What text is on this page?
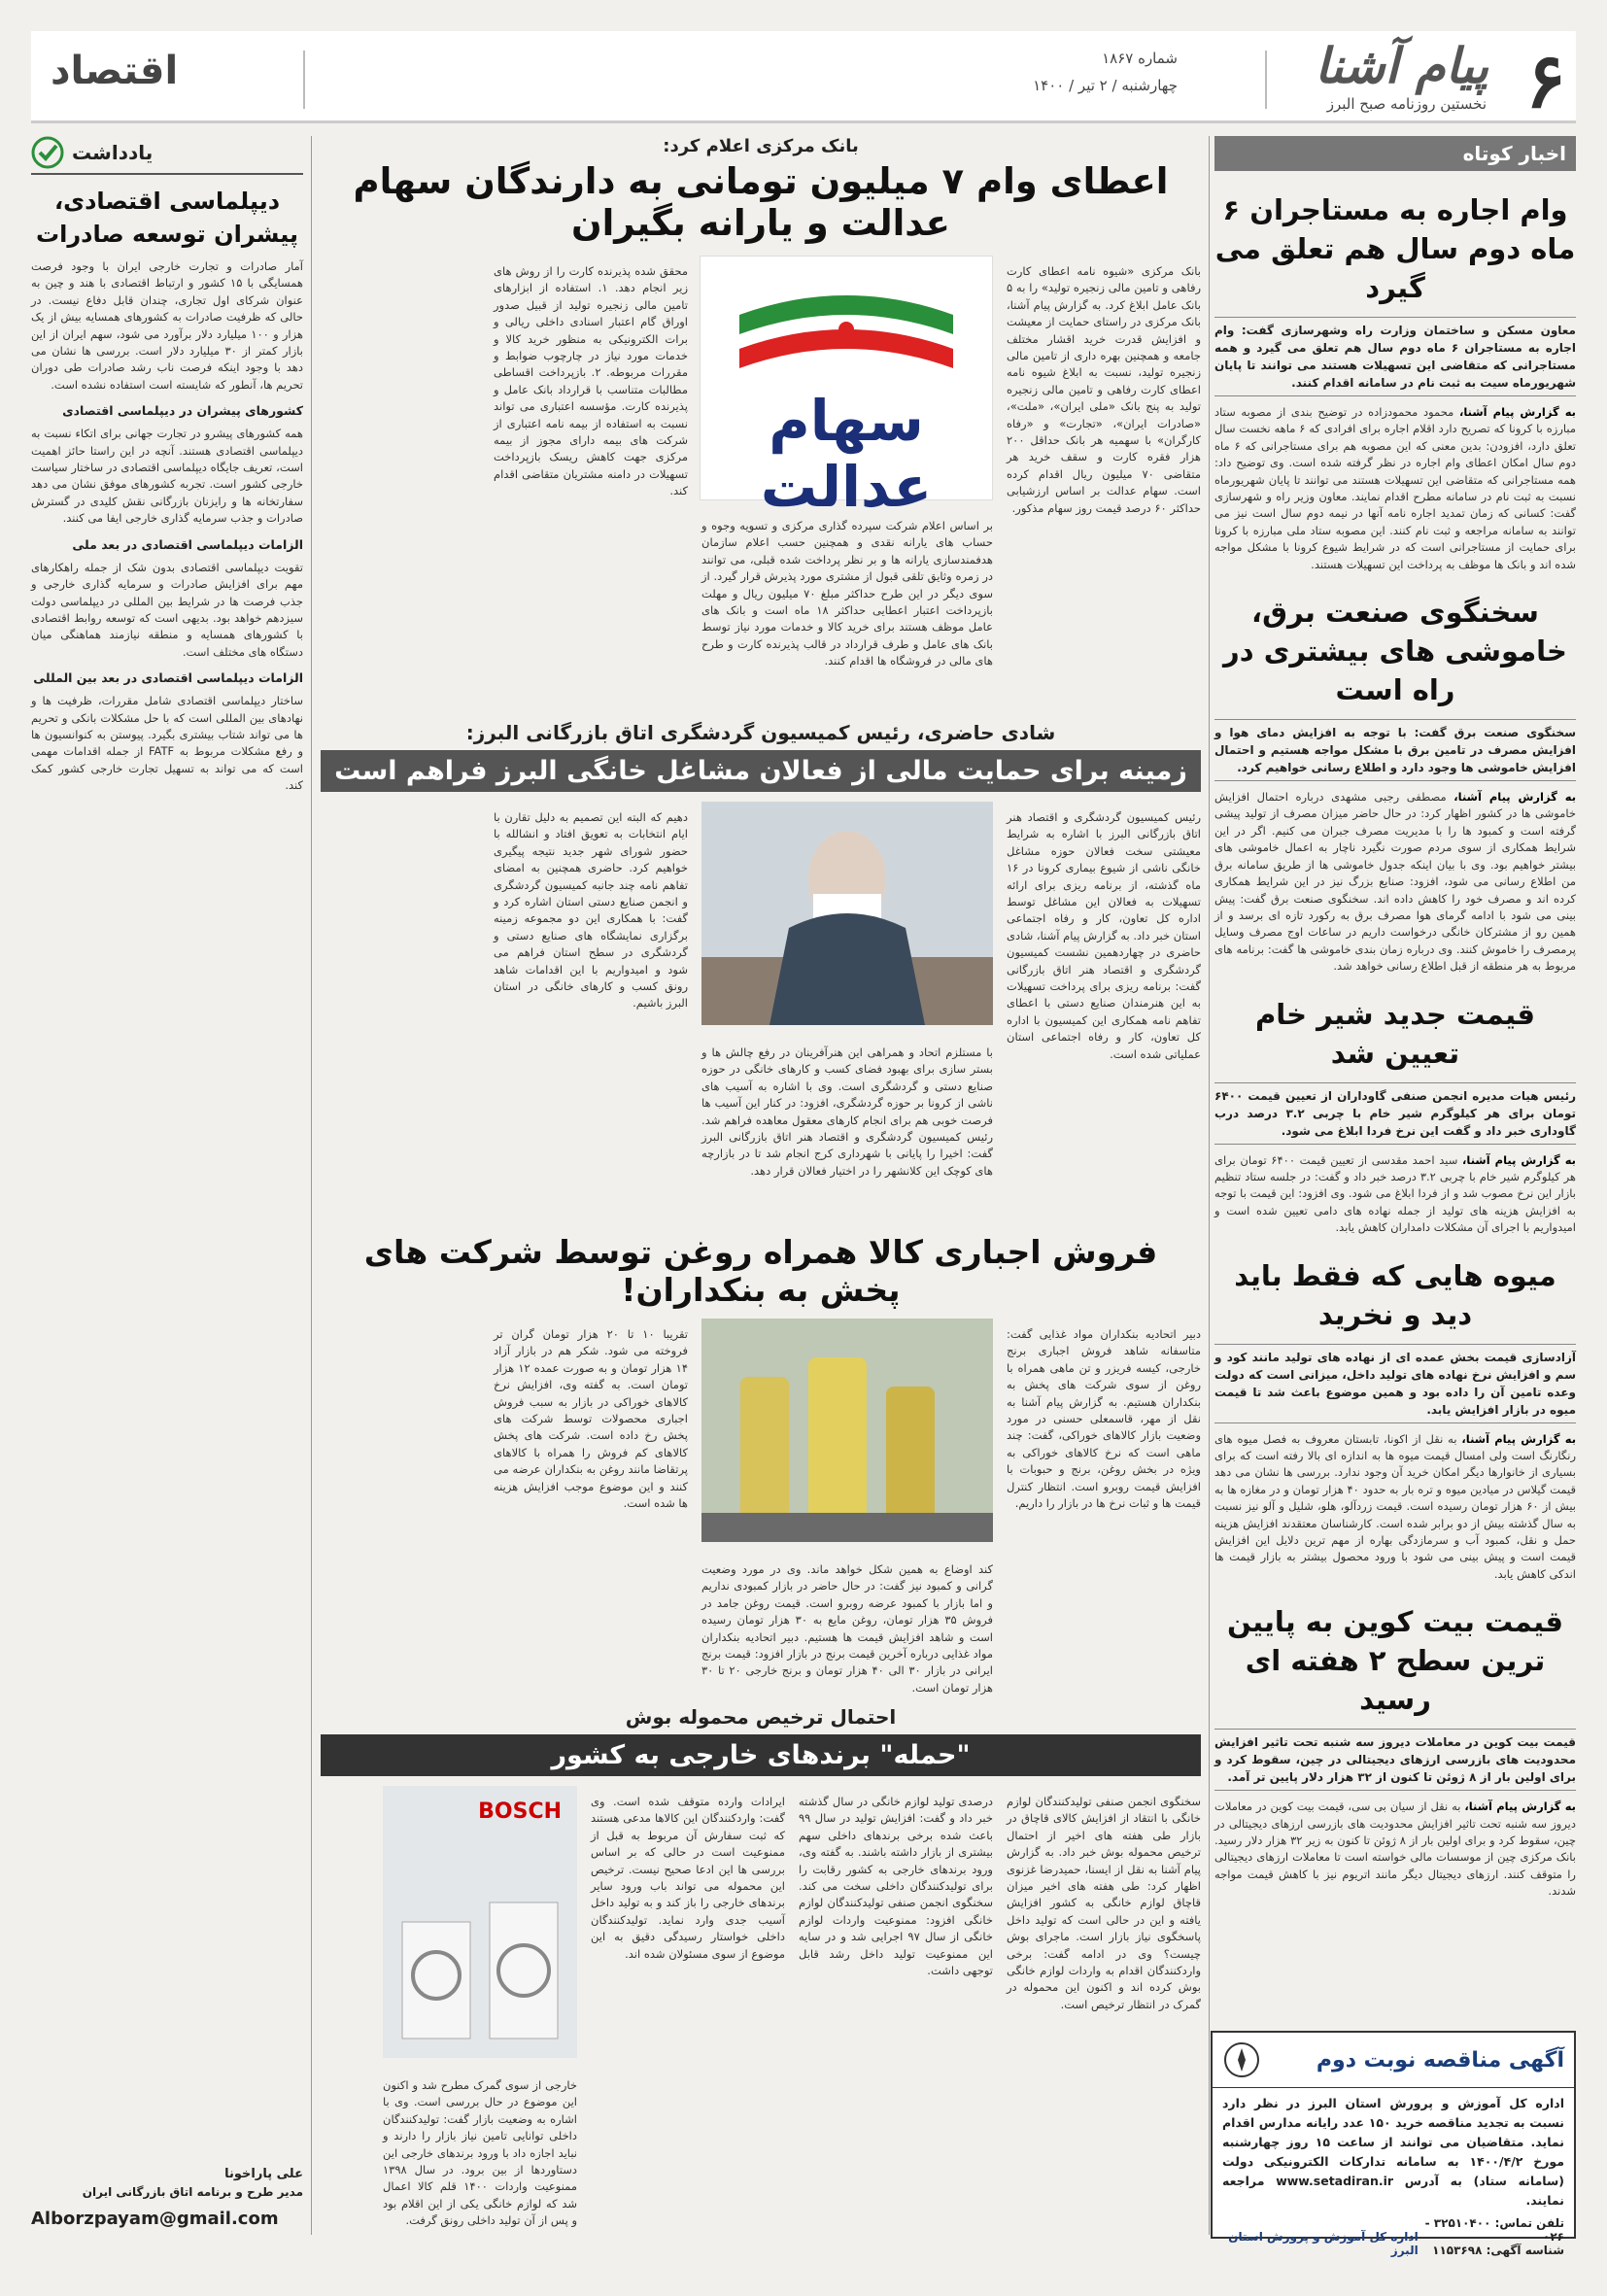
۶
پیام آشنا
نخستین روزنامه صبح البرز
شماره ۱۸۶۷
چهارشنبه / ۲ تیر / ۱۴۰۰
اقتصاد
اخبار کوتاه
وام اجاره به مستاجران ۶ ماه دوم سال هم تعلق می گیرد
معاون مسکن و ساختمان وزارت راه وشهرسازی گفت: وام اجاره به مستاجران ۶ ماه دوم سال هم تعلق می گیرد و همه مستاجرانی که متقاضی این تسهیلات هستند می توانند تا پایان شهریورماه سیت به ثبت نام در سامانه اقدام کنند.
به گزارش پیام آشنا، محمود محمودزاده در توضیح بندی از مصوبه ستاد مبارزه با کرونا که تصریح دارد اقلام اجاره برای افرادی که ۶ ماهه نخست سال تعلق دارد، افزودن: بدین معنی که این مصوبه هم برای مستاجرانی که ۶ ماه دوم سال امکان اعطای وام اجاره در نظر گرفته شده است. وی توضیح داد: همه مستاجرانی که متقاضی این تسهیلات هستند می توانند تا پایان شهریورماه نسبت به ثبت نام در سامانه مطرح اقدام نمایند. معاون وزیر راه و شهرسازی گفت: کسانی که زمان تمدید اجاره نامه آنها در نیمه دوم سال است نیز می توانند به سامانه مراجعه و ثبت نام کنند. این مصوبه ستاد ملی مبارزه با کرونا برای حمایت از مستاجرانی است که در شرایط شیوع کرونا با مشکل مواجه شده اند و بانک ها موظف به پرداخت این تسهیلات هستند.
سخنگوی صنعت برق، خاموشی های بیشتری در راه است
سخنگوی صنعت برق گفت: با توجه به افزایش دمای هوا و افزایش مصرف در تامین برق با مشکل مواجه هستیم و احتمال افزایش خاموشی ها وجود دارد و اطلاع رسانی خواهیم کرد.
به گزارش پیام آشنا، مصطفی رجبی مشهدی درباره احتمال افزایش خاموشی ها در کشور اظهار کرد: در حال حاضر میزان مصرف از تولید پیشی گرفته است و کمبود ها را با مدیریت مصرف جبران می کنیم. اگر در این شرایط همکاری از سوی مردم صورت نگیرد ناچار به اعمال خاموشی های بیشتر خواهیم بود. وی با بیان اینکه جدول خاموشی ها از طریق سامانه برق من اطلاع رسانی می شود، افزود: صنایع بزرگ نیز در این شرایط همکاری کرده اند و مصرف خود را کاهش داده اند. سخنگوی صنعت برق گفت: پیش بینی می شود با ادامه گرمای هوا مصرف برق به رکورد تازه ای برسد و از همین رو از مشترکان خانگی درخواست داریم در ساعات اوج مصرف وسایل پرمصرف را خاموش کنند. وی درباره زمان بندی خاموشی ها گفت: برنامه های مربوط به هر منطقه از قبل اطلاع رسانی خواهد شد.
قیمت جدید شیر خام تعیین شد
رئیس هیات مدیره انجمن صنفی گاوداران از تعیین قیمت ۶۴۰۰ تومان برای هر کیلوگرم شیر خام با چربی ۳.۲ درصد درب گاوداری خبر داد و گفت این نرخ فردا ابلاغ می شود.
به گزارش پیام آشنا، سید احمد مقدسی از تعیین قیمت ۶۴۰۰ تومان برای هر کیلوگرم شیر خام با چربی ۳.۲ درصد خبر داد و گفت: در جلسه ستاد تنظیم بازار این نرخ مصوب شد و از فردا ابلاغ می شود. وی افزود: این قیمت با توجه به افزایش هزینه های تولید از جمله نهاده های دامی تعیین شده است و امیدواریم با اجرای آن مشکلات دامداران کاهش یابد.
میوه هایی که فقط باید دید و نخرید
آزادسازی قیمت بخش عمده ای از نهاده های تولید مانند کود و سم و افزایش نرخ نهاده های تولید داخل، میزانی است که دولت وعده تامین آن را داده بود و همین موضوع باعث شد تا قیمت میوه در بازار افزایش یابد.
به گزارش پیام آشنا، به نقل از اکونا، تابستان معروف به فصل میوه های رنگارنگ است ولی امسال قیمت میوه ها به اندازه ای بالا رفته است که برای بسیاری از خانوارها دیگر امکان خرید آن وجود ندارد. بررسی ها نشان می دهد قیمت گیلاس در میادین میوه و تره بار به حدود ۴۰ هزار تومان و در مغازه ها به بیش از ۶۰ هزار تومان رسیده است. قیمت زردآلو، هلو، شلیل و آلو نیز نسبت به سال گذشته بیش از دو برابر شده است. کارشناسان معتقدند افزایش هزینه حمل و نقل، کمبود آب و سرمازدگی بهاره از مهم ترین دلایل این افزایش قیمت است و پیش بینی می شود با ورود محصول بیشتر به بازار قیمت ها اندکی کاهش یابد.
قیمت بیت کوین به پایین ترین سطح ۲ هفته ای رسید
قیمت بیت کوین در معاملات دیروز سه شنبه تحت تاثیر افزایش محدودیت های بازرسی ارزهای دیجیتالی در چین، سقوط کرد و برای اولین بار از ۸ ژوئن تا کنون از ۳۲ هزار دلار پایین تر آمد.
به گزارش پیام آشنا، به نقل از سیان بی سی، قیمت بیت کوین در معاملات دیروز سه شنبه تحت تاثیر افزایش محدودیت های بازرسی ارزهای دیجیتالی در چین، سقوط کرد و برای اولین بار از ۸ ژوئن تا کنون به زیر ۳۲ هزار دلار رسید. بانک مرکزی چین از موسسات مالی خواسته است تا معاملات ارزهای دیجیتالی را متوقف کنند. ارزهای دیجیتال دیگر مانند اتریوم نیز با کاهش قیمت مواجه شدند.
آگهی مناقصه نوبت دوم
اداره کل آموزش و پرورش استان البرز در نظر دارد نسبت به تجدید مناقصه خرید ۱۵۰ عدد رایانه مدارس اقدام نماید. متقاضیان می توانند از ساعت ۱۵ روز چهارشنبه مورخ ۱۴۰۰/۴/۲ به سامانه تدارکات الکترونیکی دولت (سامانه ستاد) به آدرس www.setadiran.ir مراجعه نمایند.
تلفن تماس: ۳۲۵۱۰۴۰۰ - ۰۲۶
شناسه آگهی: ۱۱۵۳۶۹۸
اداره کل آموزش و پرورش استان البرز
بانک مرکزی اعلام کرد:
اعطای وام ۷ میلیون تومانی به دارندگان سهام عدالت و یارانه بگیران
بانک مرکزی «شیوه نامه اعطای کارت رفاهی و تامین مالی زنجیره تولید» را به ۵ بانک عامل ابلاغ کرد. به گزارش پیام آشنا، بانک مرکزی در راستای حمایت از معیشت و افزایش قدرت خرید اقشار مختلف جامعه و همچنین بهره داری از تامین مالی زنجیره تولید، نسبت به ابلاغ شیوه نامه اعطای کارت رفاهی و تامین مالی زنجیره تولید به پنج بانک «ملی ایران»، «ملت»، «صادرات ایران»، «تجارت» و «رفاه کارگران» با سهمیه هر بانک حداقل ۲۰۰ هزار فقره کارت و سقف خرید هر متقاضی ۷۰ میلیون ریال اقدام کرده است. سهام عدالت بر اساس ارزشیابی حداکثر ۶۰ درصد قیمت روز سهام مذکور.
سهام عدالت
بر اساس اعلام شرکت سپرده گذاری مرکزی و تسویه وجوه و حساب های یارانه نقدی و همچنین حسب اعلام سازمان هدفمندسازی یارانه ها و بر نظر پرداخت شده قبلی، می توانند در زمره وثایق تلقی قبول از مشتری مورد پذیرش قرار گیرد. از سوی دیگر در این طرح حداکثر مبلغ ۷۰ میلیون ریال و مهلت بازپرداخت اعتبار اعطایی حداکثر ۱۸ ماه است و بانک های عامل موظف هستند برای خرید کالا و خدمات مورد نیاز توسط بانک های عامل و طرف قرارداد در قالب پذیرنده کارت و طرح های مالی در فروشگاه ها اقدام کنند.
محقق شده پذیرنده کارت را از روش های زیر انجام دهد. ۱. استفاده از ابزارهای تامین مالی زنجیره تولید از قبیل صدور اوراق گام اعتبار اسنادی داخلی ریالی و برات الکترونیکی به منظور خرید کالا و خدمات مورد نیاز در چارچوب ضوابط و مقررات مربوطه. ۲. بازپرداخت اقساطی مطالبات متناسب با قرارداد بانک عامل و پذیرنده کارت. مؤسسه اعتباری می تواند نسبت به استفاده از بیمه نامه اعتباری از شرکت های بیمه دارای مجوز از بیمه مرکزی جهت کاهش ریسک بازپرداخت تسهیلات در دامنه مشتریان متقاضی اقدام کند.
شادی حاضری، رئیس کمیسیون گردشگری اتاق بازرگانی البرز:
زمینه برای حمایت مالی از فعالان مشاغل خانگی البرز فراهم است
رئیس کمیسیون گردشگری و اقتصاد هنر اتاق بازرگانی البرز با اشاره به شرایط معیشتی سخت فعالان حوزه مشاغل خانگی ناشی از شیوع بیماری کرونا در ۱۶ ماه گذشته، از برنامه ریزی برای ارائه تسهیلات به فعالان این مشاغل توسط اداره کل تعاون، کار و رفاه اجتماعی استان خبر داد. به گزارش پیام آشنا، شادی حاضری در چهاردهمین نشست کمیسیون گردشگری و اقتصاد هنر اتاق بازرگانی گفت: برنامه ریزی برای پرداخت تسهیلات به این هنرمندان صنایع دستی با اعطای تفاهم نامه همکاری این کمیسیون با اداره کل تعاون، کار و رفاه اجتماعی استان عملیاتی شده است.
با مستلزم اتحاد و همراهی این هنرآفرینان در رفع چالش ها و بستر سازی برای بهبود فضای کسب و کارهای خانگی در حوزه صنایع دستی و گردشگری است. وی با اشاره به آسیب های ناشی از کرونا بر حوزه گردشگری، افزود: در کنار این آسیب ها فرصت خوبی هم برای انجام کارهای معقول معاهده فراهم شد. رئیس کمیسیون گردشگری و اقتصاد هنر اتاق بازرگانی البرز گفت: اخیرا را پایانی با شهرداری کرج انجام شد تا در بازارچه های کوچک این کلانشهر را در اختیار فعالان قرار دهد.
دهیم که البته این تصمیم به دلیل تقارن با ایام انتخابات به تعویق افتاد و انشالله با حضور شورای شهر جدید نتیجه پیگیری خواهیم کرد. حاضری همچنین به امضای تفاهم نامه چند جانبه کمیسیون گردشگری و انجمن صنایع دستی استان اشاره کرد و گفت: با همکاری این دو مجموعه زمینه برگزاری نمایشگاه های صنایع دستی و گردشگری در سطح استان فراهم می شود و امیدواریم با این اقدامات شاهد رونق کسب و کارهای خانگی در استان البرز باشیم.
فروش اجباری کالا همراه روغن توسط شرکت های پخش به بنکداران!
دبیر اتحادیه بنکداران مواد غذایی گفت: متاسفانه شاهد فروش اجباری برنج خارجی، کیسه فریزر و تن ماهی همراه با روغن از سوی شرکت های پخش به بنکداران هستیم. به گزارش پیام آشنا به نقل از مهر، قاسمعلی حسنی در مورد وضعیت بازار کالاهای خوراکی، گفت: چند ماهی است که نرخ کالاهای خوراکی به ویژه در بخش روغن، برنج و حبوبات با افزایش قیمت روبرو است. انتظار کنترل قیمت ها و ثبات نرخ ها در بازار را داریم.
کند اوضاع به همین شکل خواهد ماند. وی در مورد وضعیت گرانی و کمبود نیز گفت: در حال حاضر در بازار کمبودی نداریم و اما بازار با کمبود عرضه روبرو است. قیمت روغن جامد در فروش ۳۵ هزار تومان، روغن مایع به ۳۰ هزار تومان رسیده است و شاهد افزایش قیمت ها هستیم. دبیر اتحادیه بنکداران مواد غذایی درباره آخرین قیمت برنج در بازار افزود: قیمت برنج ایرانی در بازار ۳۰ الی ۴۰ هزار تومان و برنج خارجی ۲۰ تا ۳۰ هزار تومان است.
تقریبا ۱۰ تا ۲۰ هزار تومان گران تر فروخته می شود. شکر هم در بازار آزاد ۱۴ هزار تومان و به صورت عمده ۱۲ هزار تومان است. به گفته وی، افزایش نرخ کالاهای خوراکی در بازار به سبب فروش اجباری محصولات توسط شرکت های پخش رخ داده است. شرکت های پخش کالاهای کم فروش را همراه با کالاهای پرتقاضا مانند روغن به بنکداران عرضه می کنند و این موضوع موجب افزایش هزینه ها شده است.
احتمال ترخیص محموله بوش
"حمله" برندهای خارجی به کشور
سخنگوی انجمن صنفی تولیدکنندگان لوازم خانگی با انتقاد از افزایش کالای قاچاق در بازار طی هفته های اخیر از احتمال ترخیص محموله بوش خبر داد. به گزارش پیام آشنا به نقل از ایسنا، حمیدرضا غزنوی اظهار کرد: طی هفته های اخیر میزان قاچاق لوازم خانگی به کشور افزایش یافته و این در حالی است که تولید داخل پاسخگوی نیاز بازار است. ماجرای بوش چیست؟ وی در ادامه گفت: برخی واردکنندگان اقدام به واردات لوازم خانگی بوش کرده اند و اکنون این محموله در گمرک در انتظار ترخیص است.
درصدی تولید لوازم خانگی در سال گذشته خبر داد و گفت: افزایش تولید در سال ۹۹ باعث شده برخی برندهای داخلی سهم بیشتری از بازار داشته باشند. به گفته وی، ورود برندهای خارجی به کشور رقابت را برای تولیدکنندگان داخلی سخت می کند. سخنگوی انجمن صنفی تولیدکنندگان لوازم خانگی افزود: ممنوعیت واردات لوازم خانگی از سال ۹۷ اجرایی شد و در سایه این ممنوعیت تولید داخل رشد قابل توجهی داشت.
ایرادات وارده متوقف شده است. وی گفت: واردکنندگان این کالاها مدعی هستند که ثبت سفارش آن مربوط به قبل از ممنوعیت است در حالی که بر اساس بررسی ها این ادعا صحیح نیست. ترخیص این محموله می تواند باب ورود سایر برندهای خارجی را باز کند و به تولید داخل آسیب جدی وارد نماید. تولیدکنندگان داخلی خواستار رسیدگی دقیق به این موضوع از سوی مسئولان شده اند.
BOSCH
خارجی از سوی گمرک مطرح شد و اکنون این موضوع در حال بررسی است. وی با اشاره به وضعیت بازار گفت: تولیدکنندگان داخلی توانایی تامین نیاز بازار را دارند و نباید اجازه داد با ورود برندهای خارجی این دستاوردها از بین برود. در سال ۱۳۹۸ ممنوعیت واردات ۱۴۰۰ قلم کالا اعمال شد که لوازم خانگی یکی از این اقلام بود و پس از آن تولید داخلی رونق گرفت.
یادداشت
دیپلماسی اقتصادی، پیشران توسعه صادرات
آمار صادرات و تجارت خارجی ایران با وجود فرصت همسایگی با ۱۵ کشور و ارتباط اقتصادی با هند و چین به عنوان شرکای اول تجاری، چندان قابل دفاع نیست. در حالی که ظرفیت صادرات به کشورهای همسایه بیش از یک هزار و ۱۰۰ میلیارد دلار برآورد می شود، سهم ایران از این بازار کمتر از ۳۰ میلیارد دلار است. بررسی ها نشان می دهد با وجود اینکه فرصت ناب رشد صادرات طی دوران تحریم ها، آنطور که شایسته است استفاده نشده است.
کشورهای پیشران در دیپلماسی اقتصادی
همه کشورهای پیشرو در تجارت جهانی برای اتکاء نسبت به دیپلماسی اقتصادی هستند. آنچه در این راستا حائز اهمیت است، تعریف جایگاه دیپلماسی اقتصادی در ساختار سیاست خارجی کشور است. تجربه کشورهای موفق نشان می دهد سفارتخانه ها و رایزنان بازرگانی نقش کلیدی در گسترش صادرات و جذب سرمایه گذاری خارجی ایفا می کنند.
الزامات دیپلماسی اقتصادی در بعد ملی
تقویت دیپلماسی اقتصادی بدون شک از جمله راهکارهای مهم برای افزایش صادرات و سرمایه گذاری خارجی و جذب فرصت ها در شرایط بین المللی در دیپلماسی دولت سیزدهم خواهد بود. بدیهی است که توسعه روابط اقتصادی با کشورهای همسایه و منطقه نیازمند هماهنگی میان دستگاه های مختلف است.
الزامات دیپلماسی اقتصادی در بعد بین المللی
ساختار دیپلماسی اقتصادی شامل مقررات، ظرفیت ها و نهادهای بین المللی است که با حل مشکلات بانکی و تحریم ها می تواند شتاب بیشتری بگیرد. پیوستن به کنوانسیون ها و رفع مشکلات مربوط به FATF از جمله اقدامات مهمی است که می تواند به تسهیل تجارت خارجی کشور کمک کند.
علی پاراخونا
مدیر طرح و برنامه اتاق بازرگانی ایران
Alborzpayam@gmail.com
